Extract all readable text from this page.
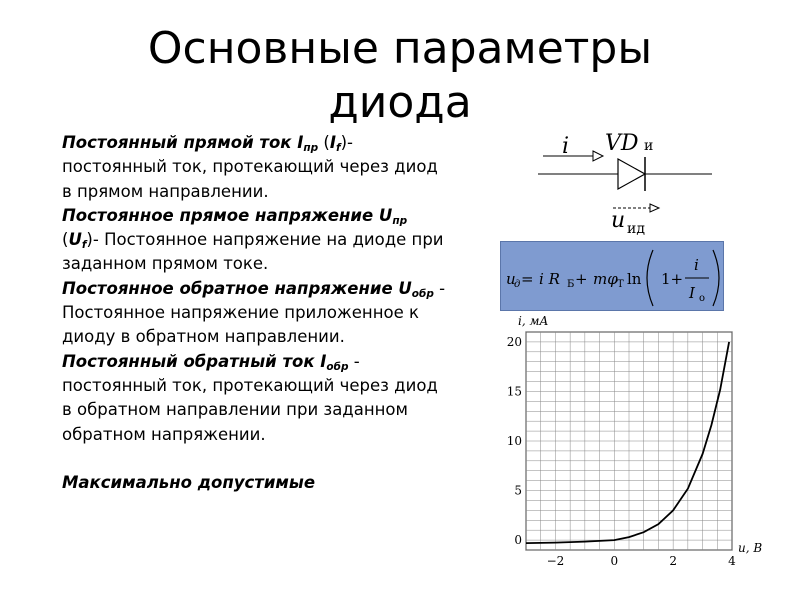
Основные параметры
диода

Постоянный прямой ток $I_{пр}$ $(I_f)-$ постоянный ток, протекающий через диод в прямом направлении.

Постоянное прямое напряжение $U_{пр}$ $(U_f)-$ Постоянное напряжение на диоде при заданном прямом токе.

Постоянное обратное напряжение $U_{обр}$ - Постоянное напряжение приложенное к диоду в обратном направлении.

Постоянный обратный ток $I_{обр}$ - постоянный ток, протекающий через диод в обратном направлении при заданном обратном напряжении.

Максимально допустимые

i VD и
u ид
u
д = i R Б + mφ T ln 1+
i
I o
−2	0	2	4
0
5
10
15
20
i, мА
u, В
